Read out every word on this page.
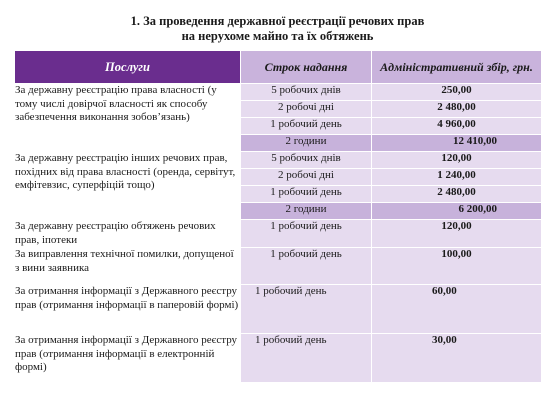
1. За проведення державної реєстрації речових прав
на нерухоме майно та їх обтяжень
Послуги	Строк надання	Адміністративний збір, грн.
За державну реєстрацію права власності (у тому числі довірчої власності як способу забезпечення виконання зобов’язань)	5 робочих днів	250,00
	2 робочі дні	2 480,00
	1 робочий день	4 960,00
	2 години	12 410,00
За державну реєстрацію інших речових прав, похідних від права власності (оренда, сервітут, емфітевзис, суперфіцій тощо)	5 робочих днів	120,00
	2 робочі дні	1 240,00
	1 робочий день	2 480,00
	2 години	6 200,00
За державну реєстрацію обтяжень речових прав, іпотеки	1 робочий день	120,00
За виправлення технічної помилки, допущеної з вини заявника	1 робочий день	100,00
За отримання інформації з Державного реєстру прав (отримання інформації в паперовій формі)	1 робочий день	60,00
За отримання інформації з Державного реєстру прав (отримання інформації в електронній формі)	1 робочий день	30,00
